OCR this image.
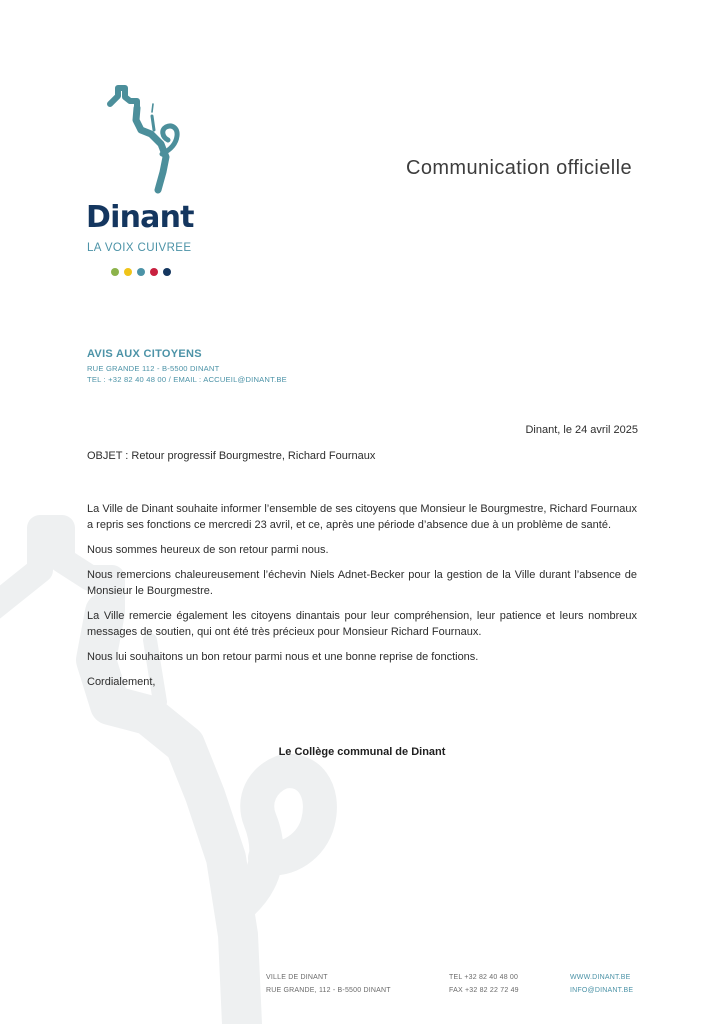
Dinant
LA VOIX CUIVREE
Communication officielle
AVIS AUX CITOYENS
RUE GRANDE 112 - B-5500 DINANT
TEL : +32 82 40 48 00 / EMAIL : ACCUEIL@DINANT.BE
Dinant, le 24 avril 2025
OBJET : Retour progressif Bourgmestre, Richard Fournaux

La Ville de Dinant souhaite informer l’ensemble de ses citoyens que Monsieur le Bourgmestre, Richard Fournaux a repris ses fonctions ce mercredi 23 avril, et ce, après une période d’absence due à un problème de santé.

Nous sommes heureux de son retour parmi nous.

Nous remercions chaleureusement l’échevin Niels Adnet-Becker pour la gestion de la Ville durant l’absence de Monsieur le Bourgmestre.

La Ville remercie également les citoyens dinantais pour leur compréhension, leur patience et leurs nombreux messages de soutien, qui ont été très précieux pour Monsieur Richard Fournaux.

Nous lui souhaitons un bon retour parmi nous et une bonne reprise de fonctions.

Cordialement,

Le Collège communal de Dinant
VILLE DE DINANT
RUE GRANDE, 112 - B-5500 DINANT
TEL +32 82 40 48 00
FAX +32 82 22 72 49
WWW.DINANT.BE
INFO@DINANT.BE
